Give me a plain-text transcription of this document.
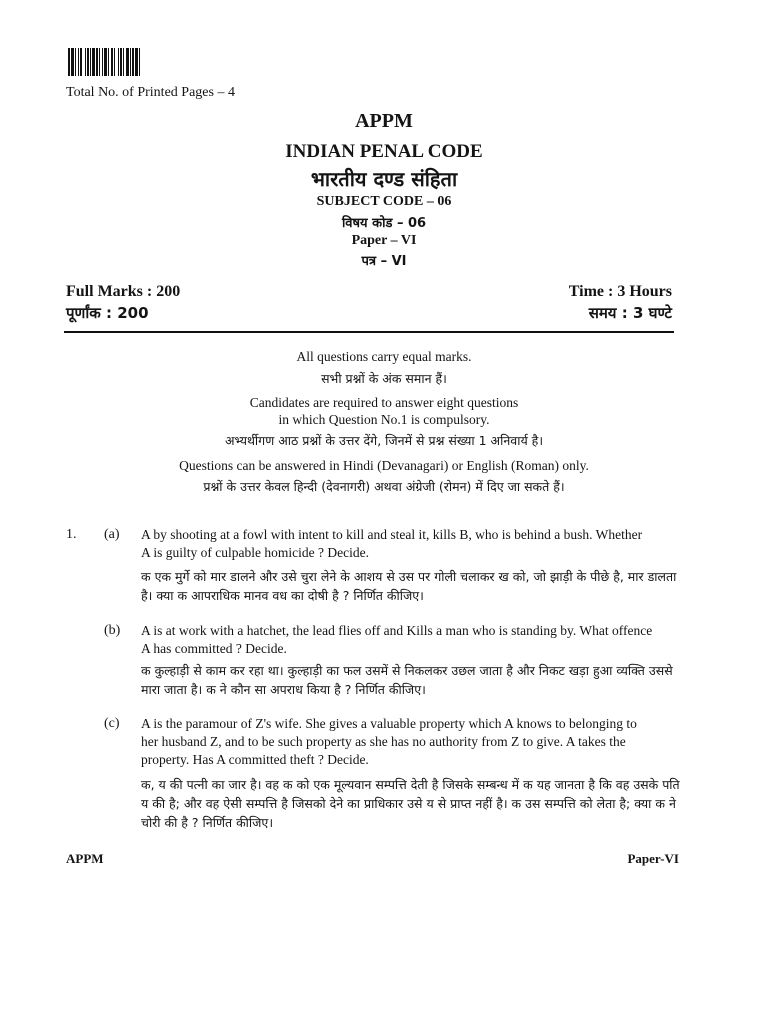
Total No. of Printed Pages – 4
APPM
INDIAN PENAL CODE
भारतीय दण्ड संहिता
SUBJECT CODE – 06
विषय कोड – 06
Paper – VI
पत्र – VI
Full Marks : 200
पूर्णांक : 200
Time : 3 Hours
समय : 3 घण्टे
All questions carry equal marks.
सभी प्रश्नों के अंक समान हैं।
Candidates are required to answer eight questions
in which Question No.1 is compulsory.
अभ्यर्थीगण आठ प्रश्नों के उत्तर देंगे, जिनमें से प्रश्न संख्या 1 अनिवार्य है।
Questions can be answered in Hindi (Devanagari) or English (Roman) only.
प्रश्नों के उत्तर केवल हिन्दी (देवनागरी) अथवा अंग्रेजी (रोमन) में दिए जा सकते हैं।
1. (a) A by shooting at a fowl with intent to kill and steal it, kills B, who is behind a bush. Whether A is guilty of culpable homicide ? Decide.
क एक मुर्गे को मार डालने और उसे चुरा लेने के आशय से उस पर गोली चलाकर ख को, जो झाड़ी के पीछे है, मार डालता है। क्या क आपराधिक मानव वध का दोषी है ? निर्णित कीजिए।
(b) A is at work with a hatchet, the lead flies off and Kills a man who is standing by. What offence A has committed ? Decide.
क कुल्हाड़ी से काम कर रहा था। कुल्हाड़ी का फल उसमें से निकलकर उछल जाता है और निकट खड़ा हुआ व्यक्ति उससे मारा जाता है। क ने कौन सा अपराध किया है ? निर्णित कीजिए।
(c) A is the paramour of Z's wife. She gives a valuable property which A knows to belonging to her husband Z, and to be such property as she has no authority from Z to give. A takes the property. Has A committed theft ? Decide.
क, य की पत्नी का जार है। वह क को एक मूल्यवान सम्पत्ति देती है जिसके सम्बन्ध में क यह जानता है कि वह उसके पति य की है; और वह ऐसी सम्पत्ति है जिसको देने का प्राधिकार उसे य से प्राप्त नहीं है। क उस सम्पत्ति को लेता है; क्या क ने चोरी की है ? निर्णित कीजिए।
APPM	Paper-VI
